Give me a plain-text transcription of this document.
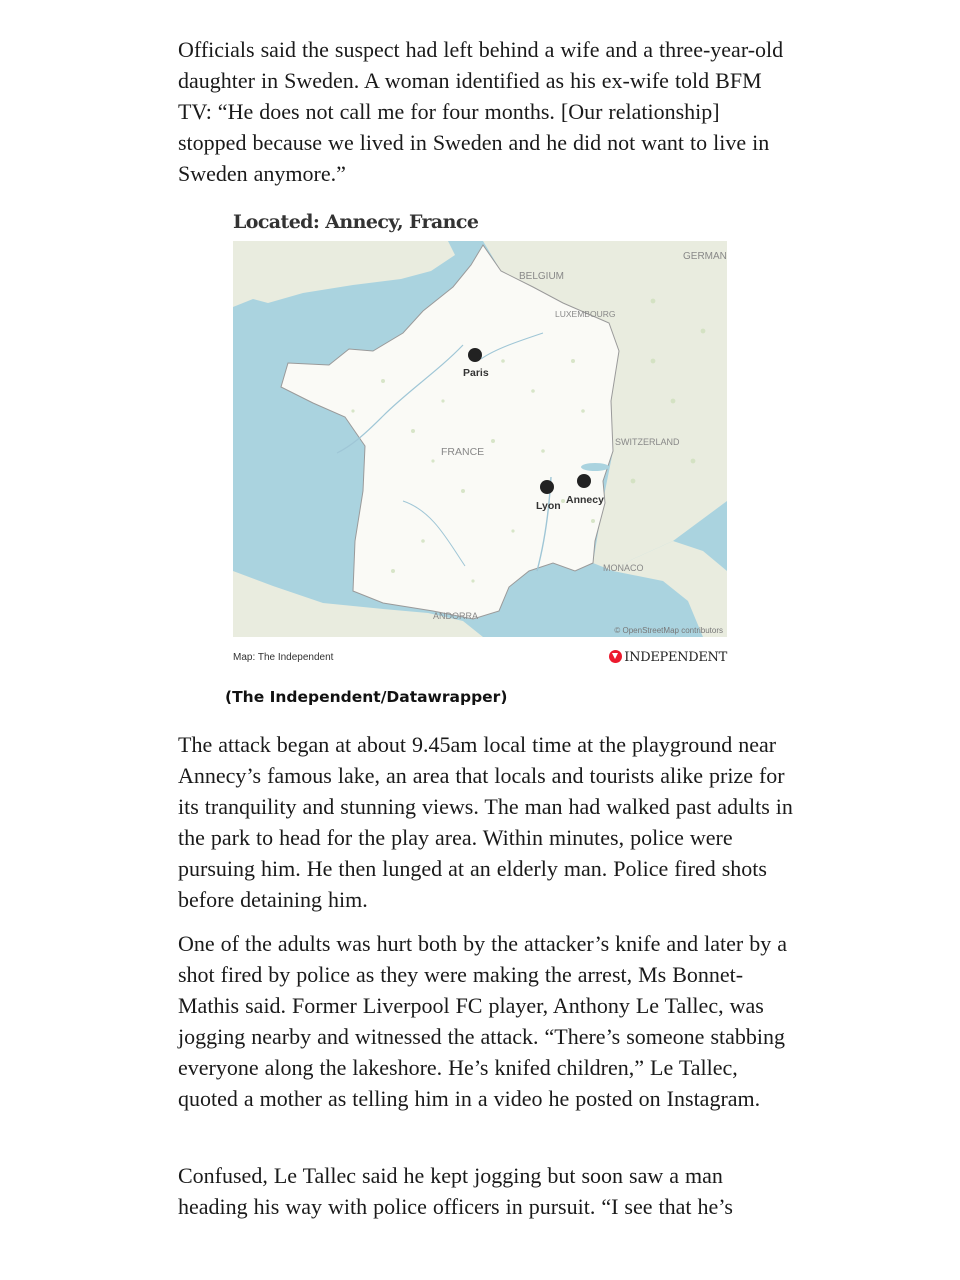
Officials said the suspect had left behind a wife and a three-year-old daughter in Sweden. A woman identified as his ex-wife told BFM TV: “He does not call me for four months. [Our relationship] stopped because we lived in Sweden and he did not want to live in Sweden anymore.”

Located: Annecy, France

BELGIUM
LUXEMBOURG
GERMAN
SWITZERLAND
FRANCE
MONACO
ANDORRA
Paris
Lyon Annecy
© OpenStreetMap contributors
Map: The Independent	INDEPENDENT
(The Independent/Datawrapper)

The attack began at about 9.45am local time at the playground near Annecy’s famous lake, an area that locals and tourists alike prize for its tranquility and stunning views. The man had walked past adults in the park to head for the play area. Within minutes, police were pursuing him. He then lunged at an elderly man. Police fired shots before detaining him.

One of the adults was hurt both by the attacker’s knife and later by a shot fired by police as they were making the arrest, Ms Bonnet-Mathis said. Former Liverpool FC player, Anthony Le Tallec, was jogging nearby and witnessed the attack. “There’s someone stabbing everyone along the lakeshore. He’s knifed children,” Le Tallec, quoted a mother as telling him in a video he posted on Instagram.

Confused, Le Tallec said he kept jogging but soon saw a man heading his way with police officers in pursuit. “I see that he’s
